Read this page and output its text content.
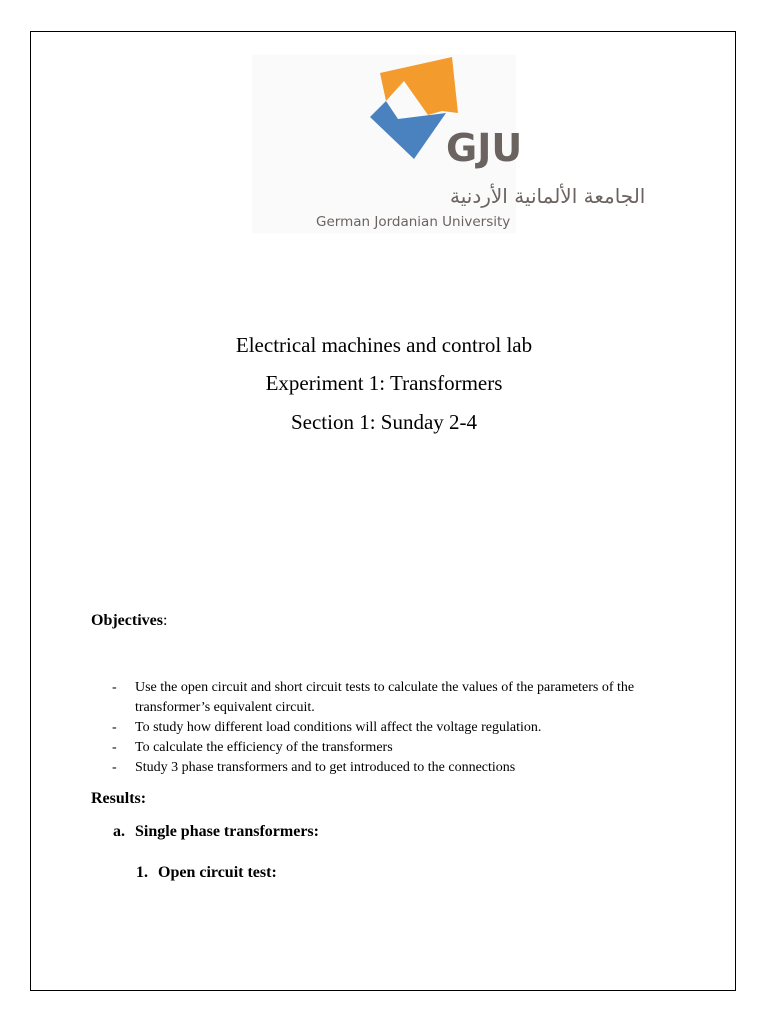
GJU
الجامعة الألمانية الأردنية
German Jordanian University
Electrical machines and control lab
Experiment 1: Transformers
Section 1: Sunday 2-4
Objectives:
- Use the open circuit and short circuit tests to calculate the values of the parameters of the transformer’s equivalent circuit.
- To study how different load conditions will affect the voltage regulation.
- To calculate the efficiency of the transformers
- Study 3 phase transformers and to get introduced to the connections
Results:
a. Single phase transformers:
1. Open circuit test:
